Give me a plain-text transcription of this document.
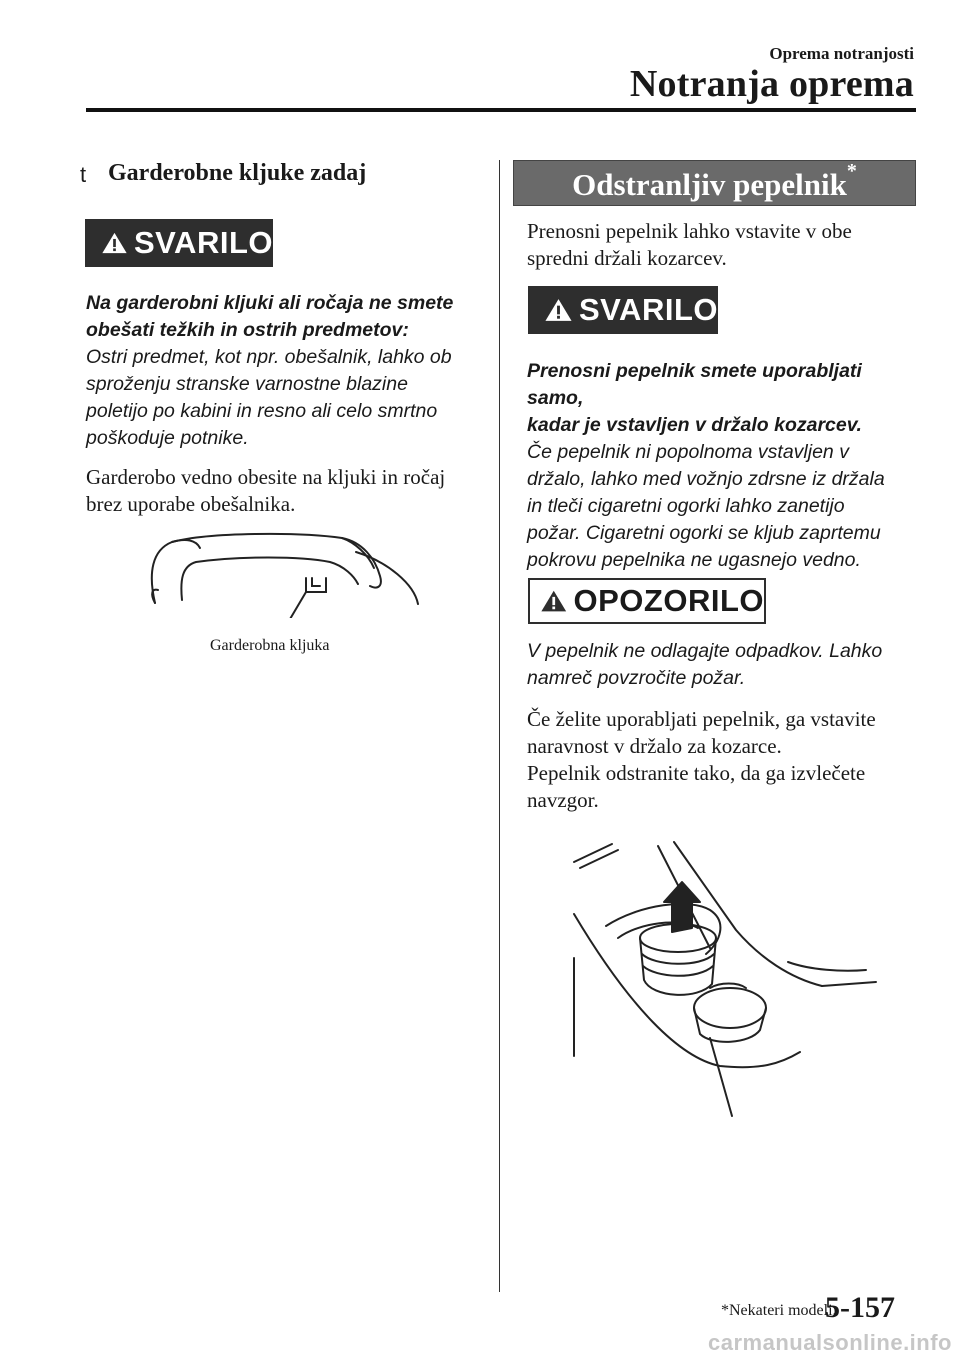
Oprema notranjosti
Notranja oprema
t Garderobne kljuke zadaj
SVARILO
Na garderobni kljuki ali ročaja ne smete
obešati težkih in ostrih predmetov:
Ostri predmet, kot npr. obešalnik, lahko ob
sproženju stranske varnostne blazine
poletijo po kabini in resno ali celo smrtno
poškoduje potnike.
Garderobo vedno obesite na kljuki in ročaj
brez uporabe obešalnika.
Garderobna kljuka
Odstranljiv pepelnik*
Prenosni pepelnik lahko vstavite v obe
spredni držali kozarcev.
SVARILO
Prenosni pepelnik smete uporabljati samo,
kadar je vstavljen v držalo kozarcev.
Če pepelnik ni popolnoma vstavljen v
držalo, lahko med vožnjo zdrsne iz držala
in tleči cigaretni ogorki lahko zanetijo
požar. Cigaretni ogorki se kljub zaprtemu
pokrovu pepelnika ne ugasnejo vedno.
OPOZORILO
V pepelnik ne odlagajte odpadkov. Lahko
namreč povzročite požar.
Če želite uporabljati pepelnik, ga vstavite
naravnost v držalo za kozarce.
Pepelnik odstranite tako, da ga izvlečete
navzgor.
*Nekateri modeli.
5-157
carmanualsonline.info
